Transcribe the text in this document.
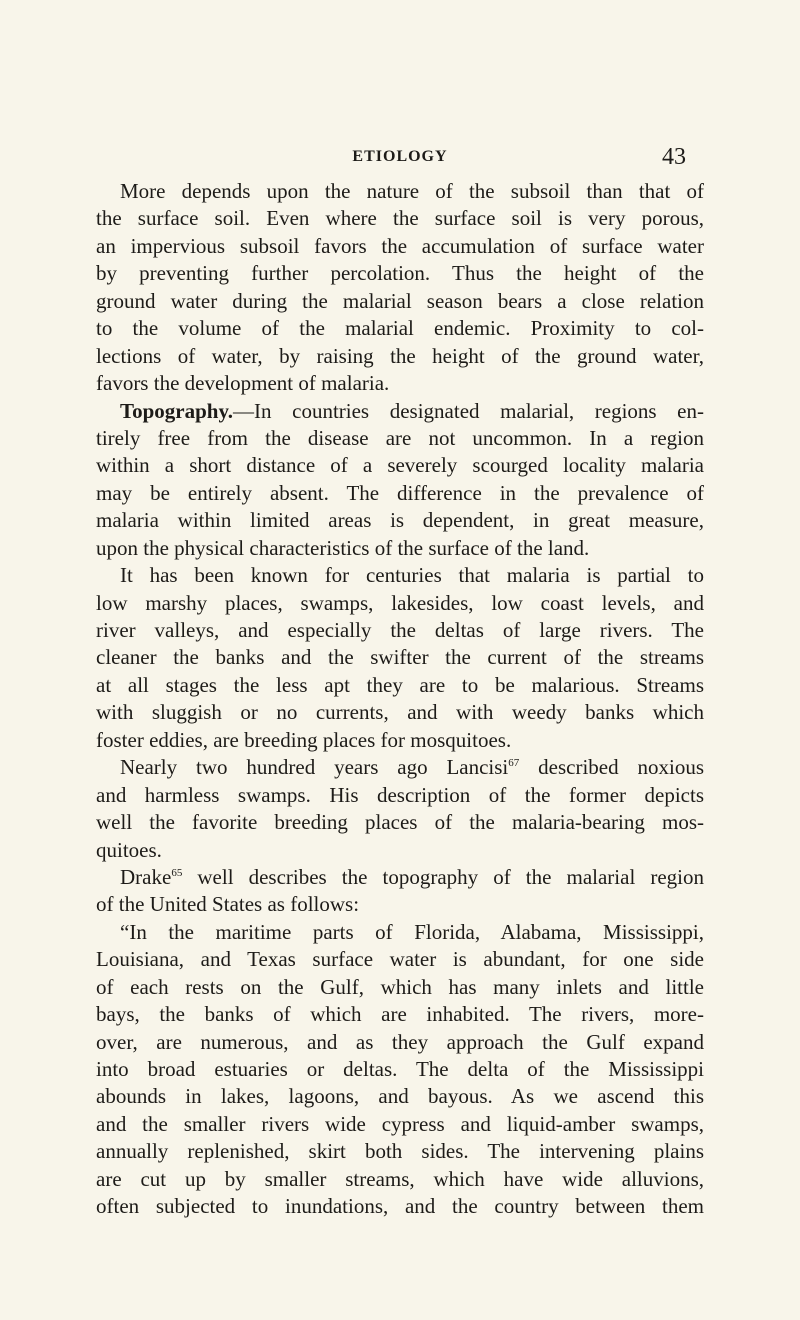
ETIOLOGY	43
More depends upon the nature of the subsoil than that of
the surface soil. Even where the surface soil is very porous,
an impervious subsoil favors the accumulation of surface water
by preventing further percolation. Thus the height of the
ground water during the malarial season bears a close relation
to the volume of the malarial endemic. Proximity to col-
lections of water, by raising the height of the ground water,
favors the development of malaria.
Topography.—In countries designated malarial, regions en-
tirely free from the disease are not uncommon. In a region
within a short distance of a severely scourged locality malaria
may be entirely absent. The difference in the prevalence of
malaria within limited areas is dependent, in great measure,
upon the physical characteristics of the surface of the land.
It has been known for centuries that malaria is partial to
low marshy places, swamps, lakesides, low coast levels, and
river valleys, and especially the deltas of large rivers. The
cleaner the banks and the swifter the current of the streams
at all stages the less apt they are to be malarious. Streams
with sluggish or no currents, and with weedy banks which
foster eddies, are breeding places for mosquitoes.
Nearly two hundred years ago Lancisi$^{67}$ described noxious
and harmless swamps. His description of the former depicts
well the favorite breeding places of the malaria-bearing mos-
quitoes.
Drake$^{65}$ well describes the topography of the malarial region
of the United States as follows:
“In the maritime parts of Florida, Alabama, Mississippi,
Louisiana, and Texas surface water is abundant, for one side
of each rests on the Gulf, which has many inlets and little
bays, the banks of which are inhabited. The rivers, more-
over, are numerous, and as they approach the Gulf expand
into broad estuaries or deltas. The delta of the Mississippi
abounds in lakes, lagoons, and bayous. As we ascend this
and the smaller rivers wide cypress and liquid-amber swamps,
annually replenished, skirt both sides. The intervening plains
are cut up by smaller streams, which have wide alluvions,
often subjected to inundations, and the country between them
